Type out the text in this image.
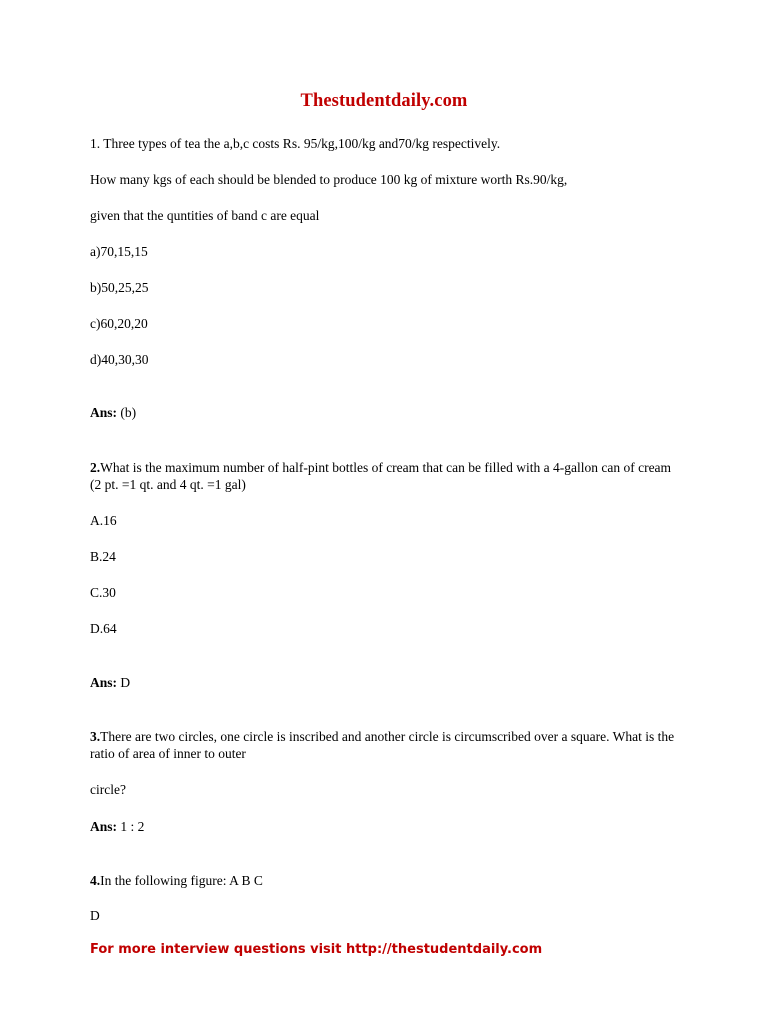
Thestudentdaily.com
1. Three types of tea the a,b,c costs Rs. 95/kg,100/kg and70/kg respectively.
How many kgs of each should be blended to produce 100 kg of mixture worth Rs.90/kg,
given that the quntities of band c are equal
a)70,15,15
b)50,25,25
c)60,20,20
d)40,30,30
Ans: (b)
2.What is the maximum number of half-pint bottles of cream that can be filled with a 4-gallon can of cream (2 pt. =1 qt. and 4 qt. =1 gal)
A.16
B.24
C.30
D.64
Ans: D
3.There are two circles, one circle is inscribed and another circle is circumscribed over a square. What is the ratio of area of inner to outer
circle?
Ans: 1 : 2
4.In the following figure: A B C
D
For more interview questions visit http://thestudentdaily.com
